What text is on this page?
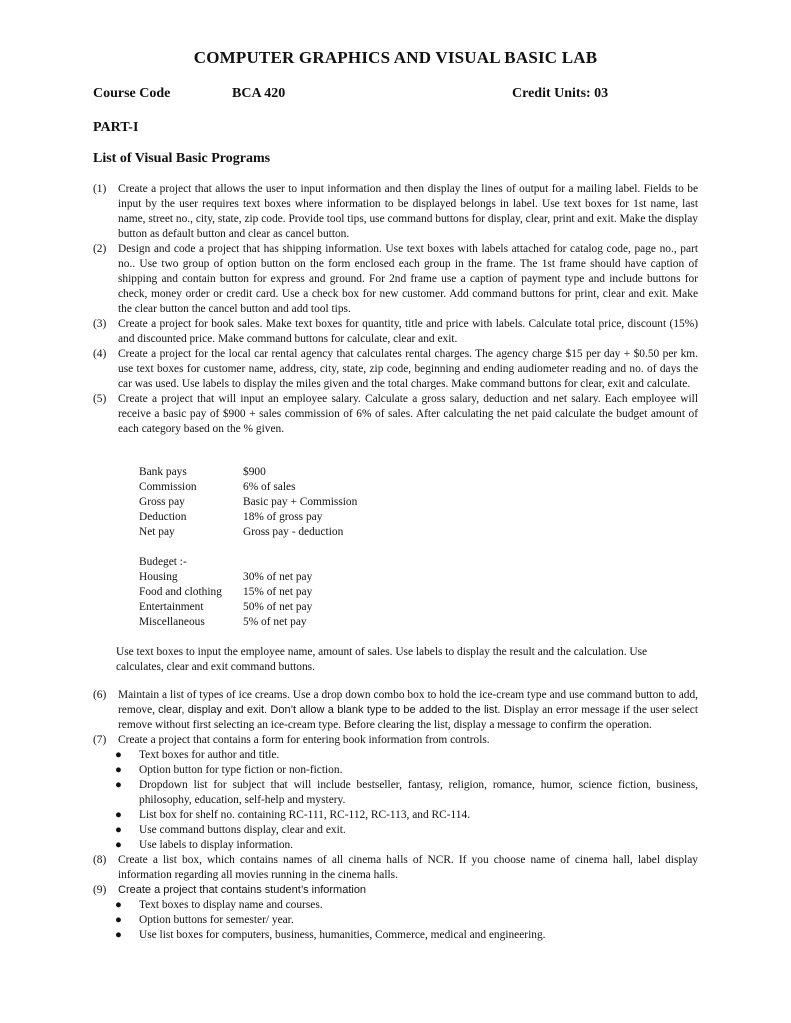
COMPUTER GRAPHICS AND VISUAL BASIC LAB
Course Code	BCA 420	Credit Units: 03
PART-I
List of Visual Basic Programs
(1)	Create a project that allows the user to input information and then display the lines of output for a mailing label. Fields to be input by the user requires text boxes where information to be displayed belongs in label. Use text boxes for 1st name, last name, street no., city, state, zip code. Provide tool tips, use command buttons for display, clear, print and exit. Make the display button as default button and clear as cancel button.
(2)	Design and code a project that has shipping information. Use text boxes with labels attached for catalog code, page no., part no.. Use two group of option button on the form enclosed each group in the frame. The 1st frame should have caption of shipping and contain button for express and ground. For 2nd frame use a caption of payment type and include buttons for check, money order or credit card. Use a check box for new customer. Add command buttons for print, clear and exit. Make the clear button the cancel button and add tool tips.
(3)	Create a project for book sales. Make text boxes for quantity, title and price with labels. Calculate total price, discount (15%) and discounted price. Make command buttons for calculate, clear and exit.
(4)	Create a project for the local car rental agency that calculates rental charges. The agency charge $15 per day + $0.50 per km. use text boxes for customer name, address, city, state, zip code, beginning and ending audiometer reading and no. of days the car was used. Use labels to display the miles given and the total charges. Make command buttons for clear, exit and calculate.
(5)	Create a project that will input an employee salary. Calculate a gross salary, deduction and net salary. Each employee will receive a basic pay of $900 + sales commission of 6% of sales. After calculating the net paid calculate the budget amount of each category based on the % given.
Bank pays	$900
Commission	6% of sales
Gross pay	Basic pay + Commission
Deduction	18% of gross pay
Net pay	Gross pay - deduction
Budeget :-
Housing	30% of net pay
Food and clothing	15% of net pay
Entertainment	50% of net pay
Miscellaneous	5% of net pay
Use text boxes to input the employee name, amount of sales. Use labels to display the result and the calculation. Use calculates, clear and exit command buttons.
(6)	Maintain a list of types of ice creams. Use a drop down combo box to hold the ice-cream type and use command button to add, remove, clear, display and exit. Don’t allow a blank type to be added to the list. Display an error message if the user select remove without first selecting an ice-cream type. Before clearing the list, display a message to confirm the operation.
(7)	Create a project that contains a form for entering book information from controls.
●	Text boxes for author and title.
●	Option button for type fiction or non-fiction.
●	Dropdown list for subject that will include bestseller, fantasy, religion, romance, humor, science fiction, business, philosophy, education, self-help and mystery.
●	List box for shelf no. containing RC-111, RC-112, RC-113, and RC-114.
●	Use command buttons display, clear and exit.
●	Use labels to display information.
(8)	Create a list box, which contains names of all cinema halls of NCR. If you choose name of cinema hall, label display information regarding all movies running in the cinema halls.
(9)	Create a project that contains student’s information
●	Text boxes to display name and courses.
●	Option buttons for semester/ year.
●	Use list boxes for computers, business, humanities, Commerce, medical and engineering.
